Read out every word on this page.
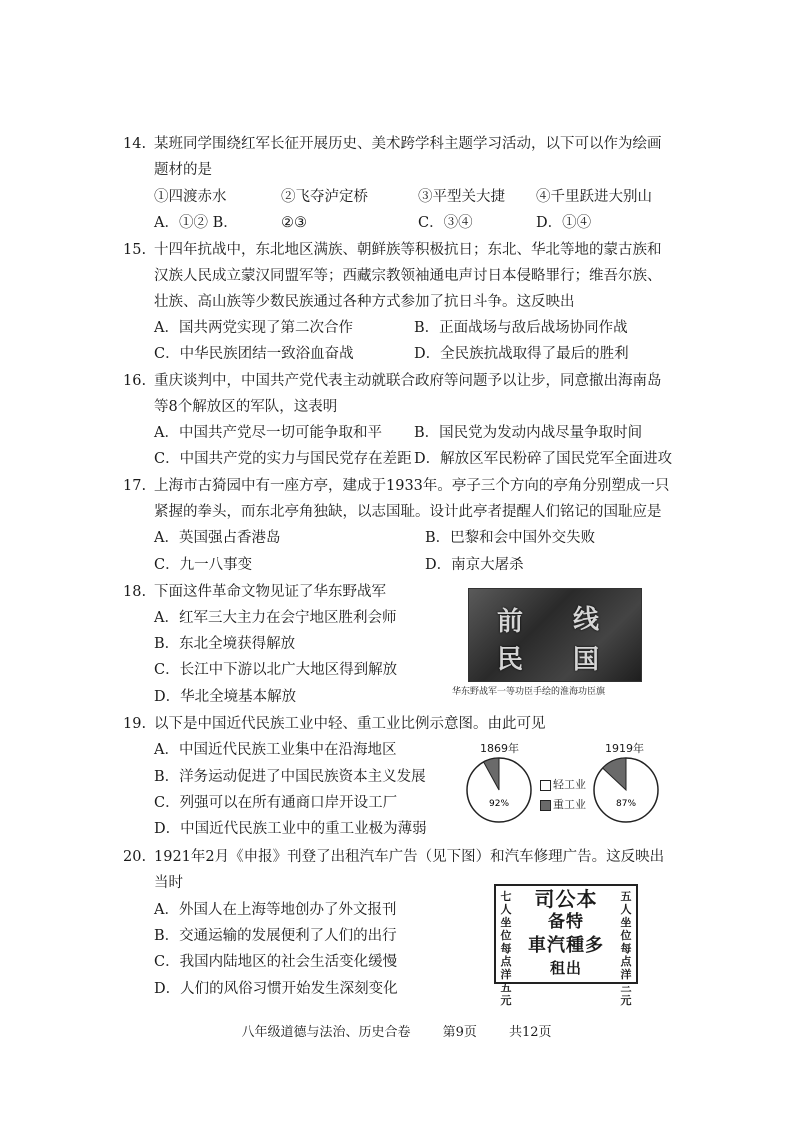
14. 某班同学围绕红军长征开展历史、美术跨学科主题学习活动，以下可以作为绘画
题材的是
①四渡赤水	②飞夺泸定桥	③平型关大捷 ④千里跃进大别山
A．①② B．	②③	C．③④	D．①④
15. 十四年抗战中，东北地区满族、朝鲜族等积极抗日；东北、华北等地的蒙古族和
汉族人民成立蒙汉同盟军等；西藏宗教领袖通电声讨日本侵略罪行；维吾尔族、
壮族、高山族等少数民族通过各种方式参加了抗日斗争。这反映出
A．国共两党实现了第二次合作	B．正面战场与敌后战场协同作战
C．中华民族团结一致浴血奋战	D．全民族抗战取得了最后的胜利
16. 重庆谈判中，中国共产党代表主动就联合政府等问题予以让步，同意撤出海南岛
等8个解放区的军队，这表明
A．中国共产党尽一切可能争取和平 B．国民党为发动内战尽量争取时间
C．中国共产党的实力与国民党存在差距 D．解放区军民粉碎了国民党军全面进攻
17. 上海市古猗园中有一座方亭，建成于1933年。亭子三个方向的亭角分别塑成一只
紧握的拳头，而东北亭角独缺，以志国耻。设计此亭者提醒人们铭记的国耻应是
A．英国强占香港岛	B．巴黎和会中国外交失败
C．九一八事变	D．南京大屠杀
18. 下面这件革命文物见证了华东野战军
A．红军三大主力在会宁地区胜利会师
B．东北全境获得解放
C．长江中下游以北广大地区得到解放
D．华北全境基本解放
前 线
民 国
华东野战军一等功臣手绘的淮海功臣旗
19. 以下是中国近代民族工业中轻、重工业比例示意图。由此可见
A．中国近代民族工业集中在沿海地区
B．洋务运动促进了中国民族资本主义发展
C．列强可以在所有通商口岸开设工厂
D．中国近代民族工业中的重工业极为薄弱
1869年
92%
轻工业
重工业
1919年
87%
20. 1921年2月《申报》刊登了出租汽车广告（见下图）和汽车修理广告。这反映出
当时
A．外国人在上海等地创办了外文报刊
B．交通运输的发展便利了人们的出行
C．我国内陆地区的社会生活变化缓慢
D．人们的风俗习惯开始发生深刻变化
七人坐位每点洋五元
司公本
备特
車汽種多
租出
五人坐位每点洋三元
八年级道德与法治、历史合卷 第9页 共12页
